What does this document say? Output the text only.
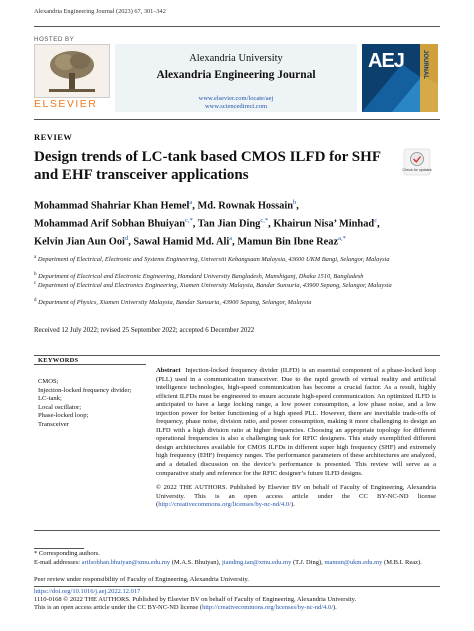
Alexandria Engineering Journal (2023) 67, 301–342
HOSTED BY
ELSEVIER
Alexandria University
Alexandria Engineering Journal
www.elsevier.com/locate/aej
www.sciencedirect.com
AEJ	JOURNAL
REVIEW
Design trends of LC-tank based CMOS ILFD for SHF and EHF transceiver applications	Check for updates
Mohammad Shahriar Khan Hemel$^a$, Md. Rownak Hossain$^b$,
Mohammad Arif Sobhan Bhuiyan$^{c,*}$, Tan Jian Ding$^{c,*}$, Khairun Nisa’ Minhad$^c$,
Kelvin Jian Aun Ooi$^d$, Sawal Hamid Md. Ali$^a$, Mamun Bin Ibne Reaz$^{a,*}$
$^a$ Department of Electrical, Electronic and Systems Engineering, Universiti Kebangsaan Malaysia, 43600 UKM Bangi, Selangor, Malaysia
$^b$ Department of Electrical and Electronic Engineering, Hamdard University Bangladesh, Munshiganj, Dhaka 1510, Bangladesh
$^c$ Department of Electrical and Electronics Engineering, Xiamen University Malaysia, Bandar Sunsuria, 43900 Sepang, Selangor, Malaysia
$^d$ Department of Physics, Xiamen University Malaysia, Bandar Sunsuria, 43900 Sepang, Selangor, Malaysia
Received 12 July 2022; revised 25 September 2022; accepted 6 December 2022
KEYWORDS
CMOS;
Injection-locked frequency divider;
LC-tank;
Local oscillator;
Phase-locked loop;
Transceiver
Abstract Injection-locked frequency divider (ILFD) is an essential component of a phase-locked loop (PLL) used in a communication transceiver. Due to the rapid growth of virtual reality and artificial intelligence technologies, high-speed communication has become a crucial factor. As a result, highly efficient ILFDs must be engineered to ensure accurate high-speed communication. An optimized ILFD is anticipated to have a large locking range, a low power consumption, a low phase noise, and a low injection power for better functioning of a high speed PLL. However, there are inevitable trade-offs of frequency, phase noise, division ratio, and power consumption, making it more challenging to design an ILFD with a high division ratio at higher frequencies. Choosing an appropriate topology for different operational frequencies is also a challenging task for RFIC designers. This study exemplified different design architectures available for CMOS ILFDs in different super high frequency (SHF) and extremely high frequency (EHF) frequency ranges. The performance parameters of these architectures are analyzed, and a detailed discussion on the device’s performance is presented. This review will serve as a comparative study and reference for the RFIC designer’s future ILFD designs.
© 2022 THE AUTHORS. Published by Elsevier BV on behalf of Faculty of Engineering, Alexandria University. This is an open access article under the CC BY-NC-ND license (http://creativecommons.org/licenses/by-nc-nd/4.0/).
* Corresponding authors.
E-mail addresses: arifsobhan.bhuiyan@xmu.edu.my (M.A.S. Bhuiyan), jianding.tan@xmu.edu.my (T.J. Ding), mamun@ukm.edu.my (M.B.I. Reaz).
Peer review under responsibility of Faculty of Engineering, Alexandria University.
https://doi.org/10.1016/j.aej.2022.12.017
1110-0168 © 2022 THE AUTHORS. Published by Elsevier BV on behalf of Faculty of Engineering, Alexandria University.
This is an open access article under the CC BY-NC-ND license (http://creativecommons.org/licenses/by-nc-nd/4.0/).
